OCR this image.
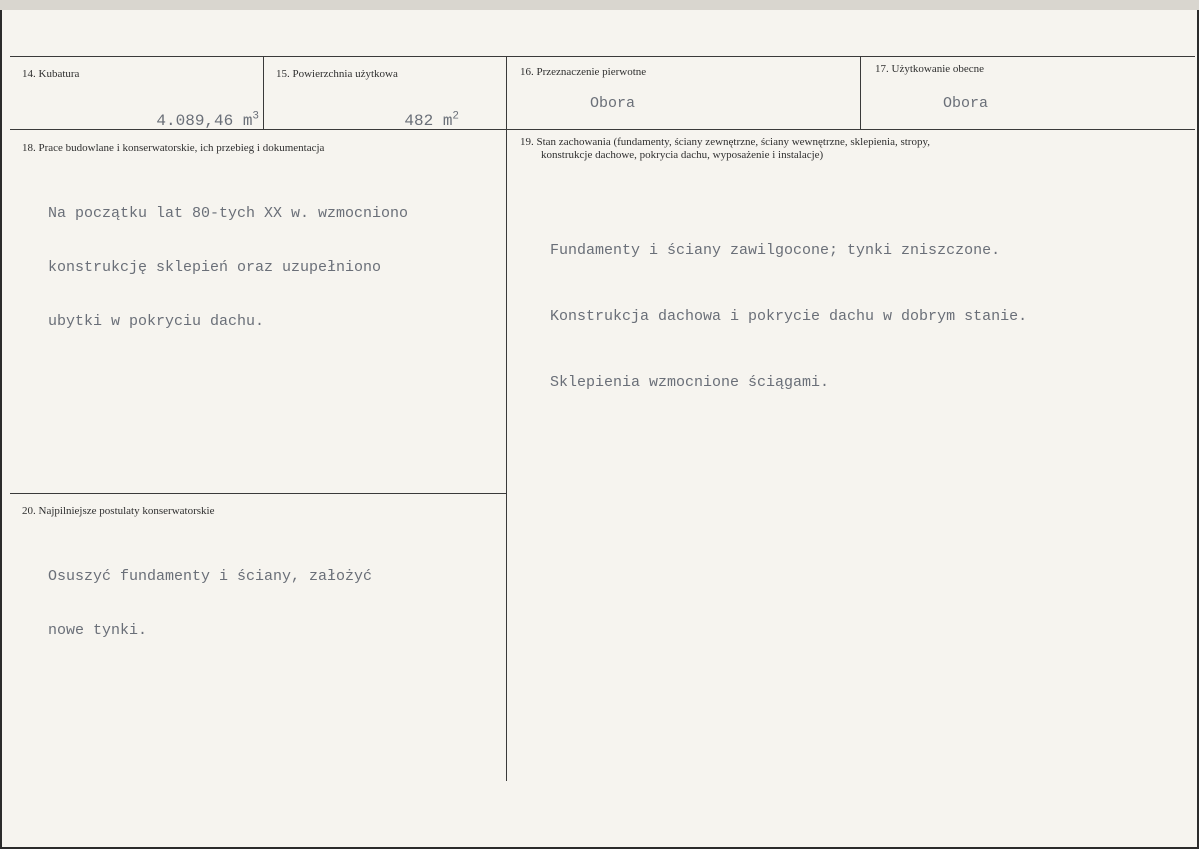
14. Kubatura

4.089,46 $m^3$

15. Powierzchnia użytkowa

482 $m^2$

16. Przeznaczenie pierwotne
Obora
17. Użytkowanie obecne
Obora
18. Prace budowlane i konserwatorskie, ich przebieg i dokumentacja

Na początku lat 80-tych XX w. wzmocniono

konstrukcję sklepień oraz uzupełniono

ubytki w pokryciu dachu.

19. Stan zachowania (fundamenty, ściany zewnętrzne, ściany wewnętrzne, sklepienia, stropy,
konstrukcje dachowe, pokrycia dachu, wyposażenie i instalacje)

Fundamenty i ściany zawilgocone; tynki zniszczone.

Konstrukcja dachowa i pokrycie dachu w dobrym stanie.

Sklepienia wzmocnione ściągami.

20. Najpilniejsze postulaty konserwatorskie

Osuszyć fundamenty i ściany, założyć

nowe tynki.
